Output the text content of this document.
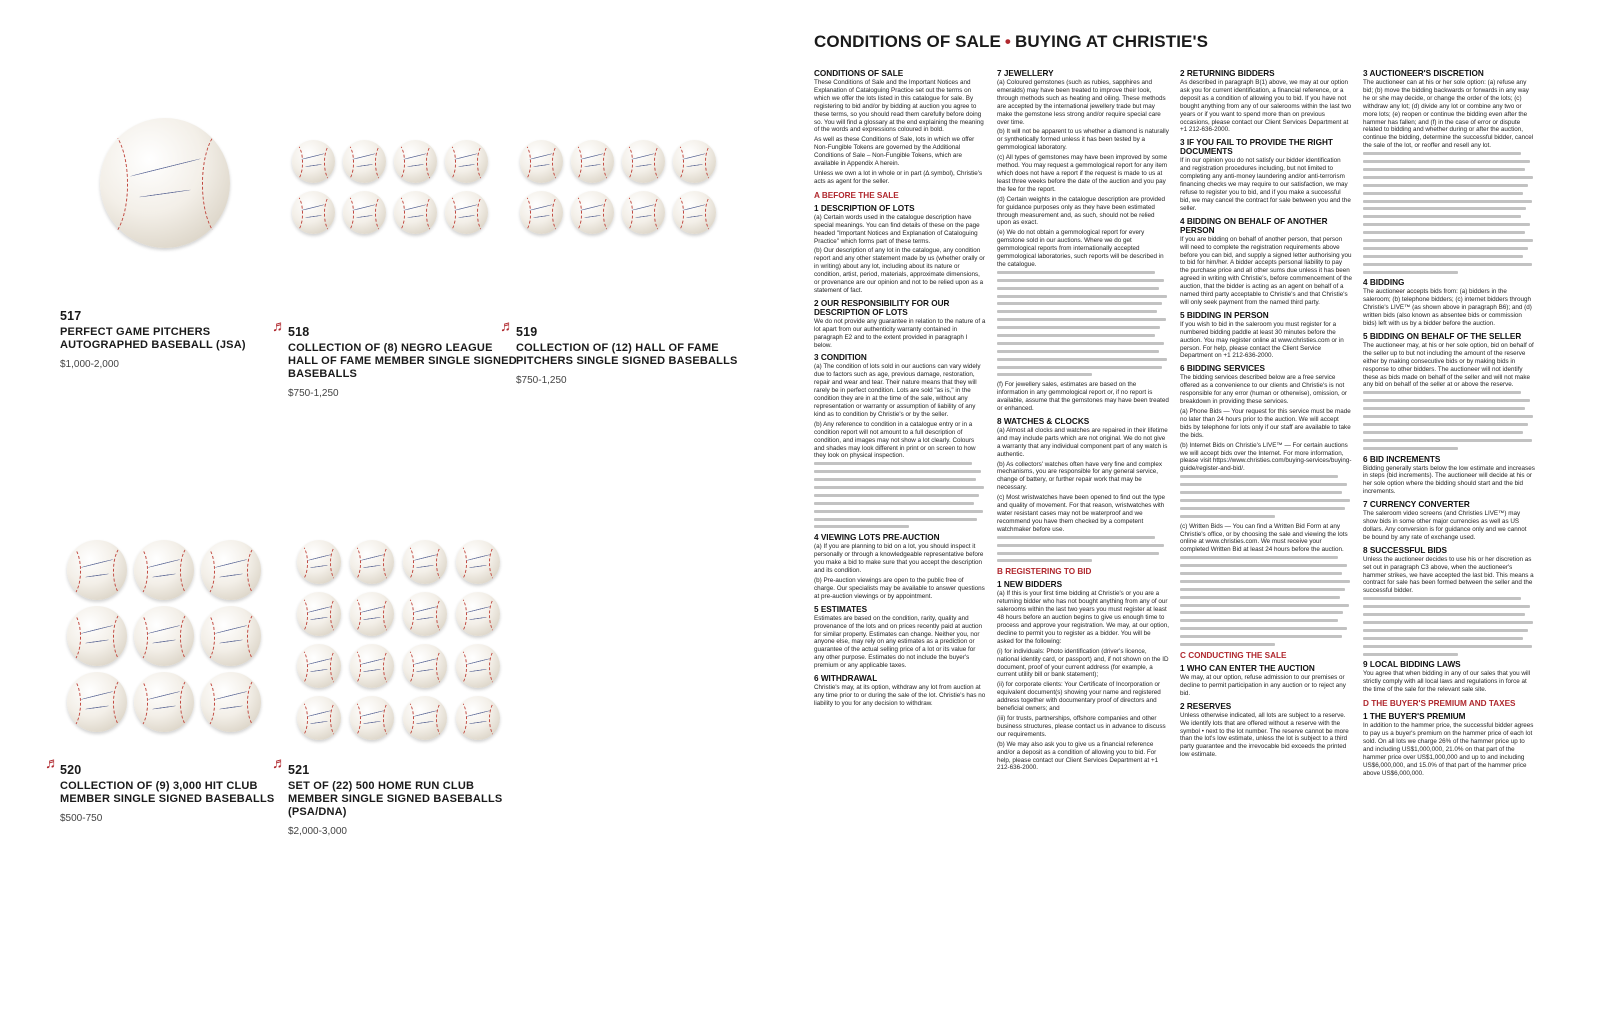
517
PERFECT GAME PITCHERS
AUTOGRAPHED BASEBALL (JSA)
$1,000-2,000
♬ 518
COLLECTION OF (8) NEGRO LEAGUE
HALL OF FAME MEMBER SINGLE SIGNED
BASEBALLS
$750-1,250
♬ 519
COLLECTION OF (12) HALL OF FAME
PITCHERS SINGLE SIGNED BASEBALLS
$750-1,250
♬ 520
COLLECTION OF (9) 3,000 HIT CLUB
MEMBER SINGLE SIGNED BASEBALLS
$500-750
♬ 521
SET OF (22) 500 HOME RUN CLUB
MEMBER SINGLE SIGNED BASEBALLS
(PSA/DNA)
$2,000-3,000
CONDITIONS OF SALE • BUYING AT CHRISTIE'S
CONDITIONS OF SALE

These Conditions of Sale and the Important Notices and Explanation of Cataloguing Practice set out the terms on which we offer the lots listed in this catalogue for sale. By registering to bid and/or by bidding at auction you agree to these terms, so you should read them carefully before doing so. You will find a glossary at the end explaining the meaning of the words and expressions coloured in bold.

As well as these Conditions of Sale, lots in which we offer Non-Fungible Tokens are governed by the Additional Conditions of Sale – Non-Fungible Tokens, which are available in Appendix A herein.

Unless we own a lot in whole or in part (Δ symbol), Christie's acts as agent for the seller.

A BEFORE THE SALE
1 DESCRIPTION OF LOTS

(a) Certain words used in the catalogue description have special meanings. You can find details of these on the page headed "Important Notices and Explanation of Cataloguing Practice" which forms part of these terms.

(b) Our description of any lot in the catalogue, any condition report and any other statement made by us (whether orally or in writing) about any lot, including about its nature or condition, artist, period, materials, approximate dimensions, or provenance are our opinion and not to be relied upon as a statement of fact.

2 OUR RESPONSIBILITY FOR OUR DESCRIPTION OF LOTS

We do not provide any guarantee in relation to the nature of a lot apart from our authenticity warranty contained in paragraph E2 and to the extent provided in paragraph I below.

3 CONDITION

(a) The condition of lots sold in our auctions can vary widely due to factors such as age, previous damage, restoration, repair and wear and tear. Their nature means that they will rarely be in perfect condition. Lots are sold "as is," in the condition they are in at the time of the sale, without any representation or warranty or assumption of liability of any kind as to condition by Christie's or by the seller.

(b) Any reference to condition in a catalogue entry or in a condition report will not amount to a full description of condition, and images may not show a lot clearly. Colours and shades may look different in print or on screen to how they look on physical inspection.

4 VIEWING LOTS PRE-AUCTION

(a) If you are planning to bid on a lot, you should inspect it personally or through a knowledgeable representative before you make a bid to make sure that you accept the description and its condition.

(b) Pre-auction viewings are open to the public free of charge. Our specialists may be available to answer questions at pre-auction viewings or by appointment.

5 ESTIMATES

Estimates are based on the condition, rarity, quality and provenance of the lots and on prices recently paid at auction for similar property. Estimates can change. Neither you, nor anyone else, may rely on any estimates as a prediction or guarantee of the actual selling price of a lot or its value for any other purpose. Estimates do not include the buyer's premium or any applicable taxes.

6 WITHDRAWAL

Christie's may, at its option, withdraw any lot from auction at any time prior to or during the sale of the lot. Christie's has no liability to you for any decision to withdraw.

7 JEWELLERY

(a) Coloured gemstones (such as rubies, sapphires and emeralds) may have been treated to improve their look, through methods such as heating and oiling. These methods are accepted by the international jewellery trade but may make the gemstone less strong and/or require special care over time.

(b) It will not be apparent to us whether a diamond is naturally or synthetically formed unless it has been tested by a gemmological laboratory.

(c) All types of gemstones may have been improved by some method. You may request a gemmological report for any item which does not have a report if the request is made to us at least three weeks before the date of the auction and you pay the fee for the report.

(d) Certain weights in the catalogue description are provided for guidance purposes only as they have been estimated through measurement and, as such, should not be relied upon as exact.

(e) We do not obtain a gemmological report for every gemstone sold in our auctions. Where we do get gemmological reports from internationally accepted gemmological laboratories, such reports will be described in the catalogue.

(f) For jewellery sales, estimates are based on the information in any gemmological report or, if no report is available, assume that the gemstones may have been treated or enhanced.

8 WATCHES & CLOCKS

(a) Almost all clocks and watches are repaired in their lifetime and may include parts which are not original. We do not give a warranty that any individual component part of any watch is authentic.

(b) As collectors' watches often have very fine and complex mechanisms, you are responsible for any general service, change of battery, or further repair work that may be necessary.

(c) Most wristwatches have been opened to find out the type and quality of movement. For that reason, wristwatches with water resistant cases may not be waterproof and we recommend you have them checked by a competent watchmaker before use.

B REGISTERING TO BID
1 NEW BIDDERS

(a) If this is your first time bidding at Christie's or you are a returning bidder who has not bought anything from any of our salerooms within the last two years you must register at least 48 hours before an auction begins to give us enough time to process and approve your registration. We may, at our option, decline to permit you to register as a bidder. You will be asked for the following:

(i) for individuals: Photo identification (driver's licence, national identity card, or passport) and, if not shown on the ID document, proof of your current address (for example, a current utility bill or bank statement);

(ii) for corporate clients: Your Certificate of Incorporation or equivalent document(s) showing your name and registered address together with documentary proof of directors and beneficial owners; and

(iii) for trusts, partnerships, offshore companies and other business structures, please contact us in advance to discuss our requirements.

(b) We may also ask you to give us a financial reference and/or a deposit as a condition of allowing you to bid. For help, please contact our Client Services Department at +1 212-636-2000.

2 RETURNING BIDDERS

As described in paragraph B(1) above, we may at our option ask you for current identification, a financial reference, or a deposit as a condition of allowing you to bid. If you have not bought anything from any of our salerooms within the last two years or if you want to spend more than on previous occasions, please contact our Client Services Department at +1 212-636-2000.

3 IF YOU FAIL TO PROVIDE THE RIGHT DOCUMENTS

If in our opinion you do not satisfy our bidder identification and registration procedures including, but not limited to completing any anti-money laundering and/or anti-terrorism financing checks we may require to our satisfaction, we may refuse to register you to bid, and if you make a successful bid, we may cancel the contract for sale between you and the seller.

4 BIDDING ON BEHALF OF ANOTHER PERSON

If you are bidding on behalf of another person, that person will need to complete the registration requirements above before you can bid, and supply a signed letter authorising you to bid for him/her. A bidder accepts personal liability to pay the purchase price and all other sums due unless it has been agreed in writing with Christie's, before commencement of the auction, that the bidder is acting as an agent on behalf of a named third party acceptable to Christie's and that Christie's will only seek payment from the named third party.

5 BIDDING IN PERSON

If you wish to bid in the saleroom you must register for a numbered bidding paddle at least 30 minutes before the auction. You may register online at www.christies.com or in person. For help, please contact the Client Service Department on +1 212-636-2000.

6 BIDDING SERVICES

The bidding services described below are a free service offered as a convenience to our clients and Christie's is not responsible for any error (human or otherwise), omission, or breakdown in providing these services.

(a) Phone Bids — Your request for this service must be made no later than 24 hours prior to the auction. We will accept bids by telephone for lots only if our staff are available to take the bids.

(b) Internet Bids on Christie's LIVE™ — For certain auctions we will accept bids over the Internet. For more information, please visit https://www.christies.com/buying-services/buying-guide/register-and-bid/.

(c) Written Bids — You can find a Written Bid Form at any Christie's office, or by choosing the sale and viewing the lots online at www.christies.com. We must receive your completed Written Bid at least 24 hours before the auction.

C CONDUCTING THE SALE
1 WHO CAN ENTER THE AUCTION

We may, at our option, refuse admission to our premises or decline to permit participation in any auction or to reject any bid.

2 RESERVES

Unless otherwise indicated, all lots are subject to a reserve. We identify lots that are offered without a reserve with the symbol • next to the lot number. The reserve cannot be more than the lot's low estimate, unless the lot is subject to a third party guarantee and the irrevocable bid exceeds the printed low estimate.

3 AUCTIONEER'S DISCRETION

The auctioneer can at his or her sole option: (a) refuse any bid; (b) move the bidding backwards or forwards in any way he or she may decide, or change the order of the lots; (c) withdraw any lot; (d) divide any lot or combine any two or more lots; (e) reopen or continue the bidding even after the hammer has fallen; and (f) in the case of error or dispute related to bidding and whether during or after the auction, continue the bidding, determine the successful bidder, cancel the sale of the lot, or reoffer and resell any lot.

4 BIDDING

The auctioneer accepts bids from: (a) bidders in the saleroom; (b) telephone bidders; (c) internet bidders through Christie's LIVE™ (as shown above in paragraph B6); and (d) written bids (also known as absentee bids or commission bids) left with us by a bidder before the auction.

5 BIDDING ON BEHALF OF THE SELLER

The auctioneer may, at his or her sole option, bid on behalf of the seller up to but not including the amount of the reserve either by making consecutive bids or by making bids in response to other bidders. The auctioneer will not identify these as bids made on behalf of the seller and will not make any bid on behalf of the seller at or above the reserve.

6 BID INCREMENTS

Bidding generally starts below the low estimate and increases in steps (bid increments). The auctioneer will decide at his or her sole option where the bidding should start and the bid increments.

7 CURRENCY CONVERTER

The saleroom video screens (and Christies LIVE™) may show bids in some other major currencies as well as US dollars. Any conversion is for guidance only and we cannot be bound by any rate of exchange used.

8 SUCCESSFUL BIDS

Unless the auctioneer decides to use his or her discretion as set out in paragraph C3 above, when the auctioneer's hammer strikes, we have accepted the last bid. This means a contract for sale has been formed between the seller and the successful bidder.

9 LOCAL BIDDING LAWS

You agree that when bidding in any of our sales that you will strictly comply with all local laws and regulations in force at the time of the sale for the relevant sale site.

D THE BUYER'S PREMIUM AND TAXES
1 THE BUYER'S PREMIUM

In addition to the hammer price, the successful bidder agrees to pay us a buyer's premium on the hammer price of each lot sold. On all lots we charge 26% of the hammer price up to and including US$1,000,000, 21.0% on that part of the hammer price over US$1,000,000 and up to and including US$6,000,000, and 15.0% of that part of the hammer price above US$6,000,000.
